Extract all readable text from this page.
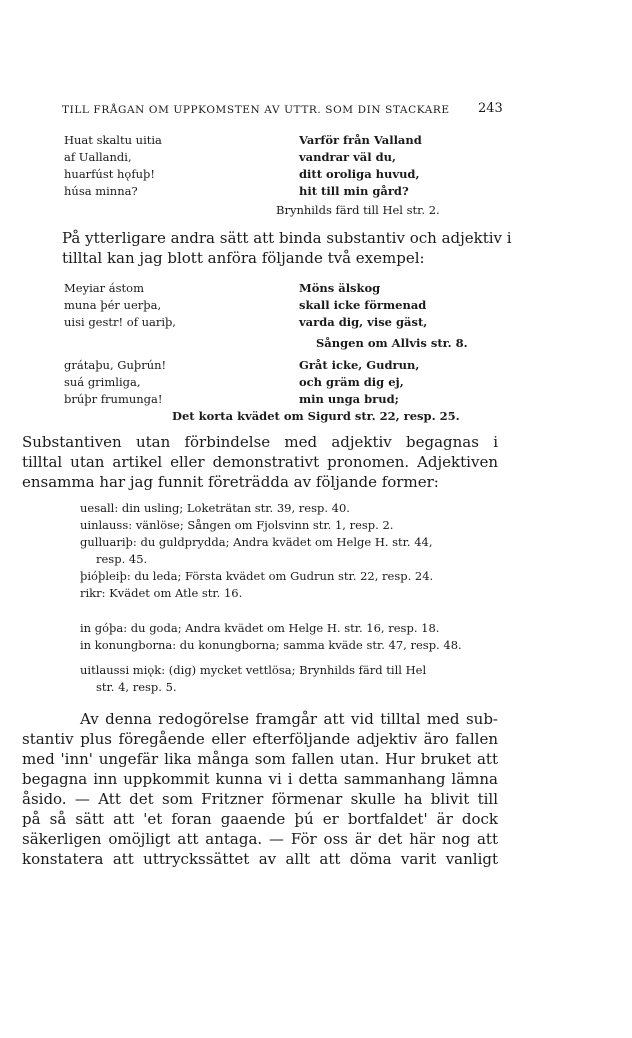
TILL FRÅGAN OM UPPKOMSTEN AV UTTR. SOM DIN STACKARE	243
Huat skaltu uitia
af Uallandi,
huarfúst hǫfuþ!
húsa minna?
Varför från Valland
vandrar väl du,
ditt oroliga huvud,
hit till min gård?
Brynhilds färd till Hel str. 2.
På ytterligare andra sätt att binda substantiv och adjektiv i
tilltal kan jag blott anföra följande två exempel:
Meyiar ástom
muna þér uerþa,
uisi gestr! of uariþ,
Möns älskog
skall icke förmenad
varda dig, vise gäst,
Sången om Allvis str. 8.
grátaþu, Guþrún!
suá grimliga,
brúþr frumunga!
Gråt icke, Gudrun,
och gräm dig ej,
min unga brud;
Det korta kvädet om Sigurd str. 22, resp. 25.
Substantiven utan förbindelse med adjektiv begagnas i
tilltal utan artikel eller demonstrativt pronomen. Adjektiven
ensamma har jag funnit företrädda av följande former:
uesall: din usling; Loketrätan str. 39, resp. 40.
uinlauss: vänlöse; Sången om Fjolsvinn str. 1, resp. 2.
gulluariþ: du guldprydda; Andra kvädet om Helge H. str. 44,
resp. 45.
þióþleiþ: du leda; Första kvädet om Gudrun str. 22, resp. 24.
rikr: Kvädet om Atle str. 16.
in góþa: du goda; Andra kvädet om Helge H. str. 16, resp. 18.
in konungborna: du konungborna; samma kväde str. 47, resp. 48.
uitlaussi miǫk: (dig) mycket vettlösa; Brynhilds färd till Hel
str. 4, resp. 5.
Av denna redogörelse framgår att vid tilltal med sub-
stantiv plus föregående eller efterföljande adjektiv äro fallen
med 'inn' ungefär lika många som fallen utan. Hur bruket att
begagna inn uppkommit kunna vi i detta sammanhang lämna
åsido. — Att det som Fritzner förmenar skulle ha blivit till
på så sätt att 'et foran gaaende þú er bortfaldet' är dock
säkerligen omöjligt att antaga. — För oss är det här nog att
konstatera att uttryckssättet av allt att döma varit vanligt
